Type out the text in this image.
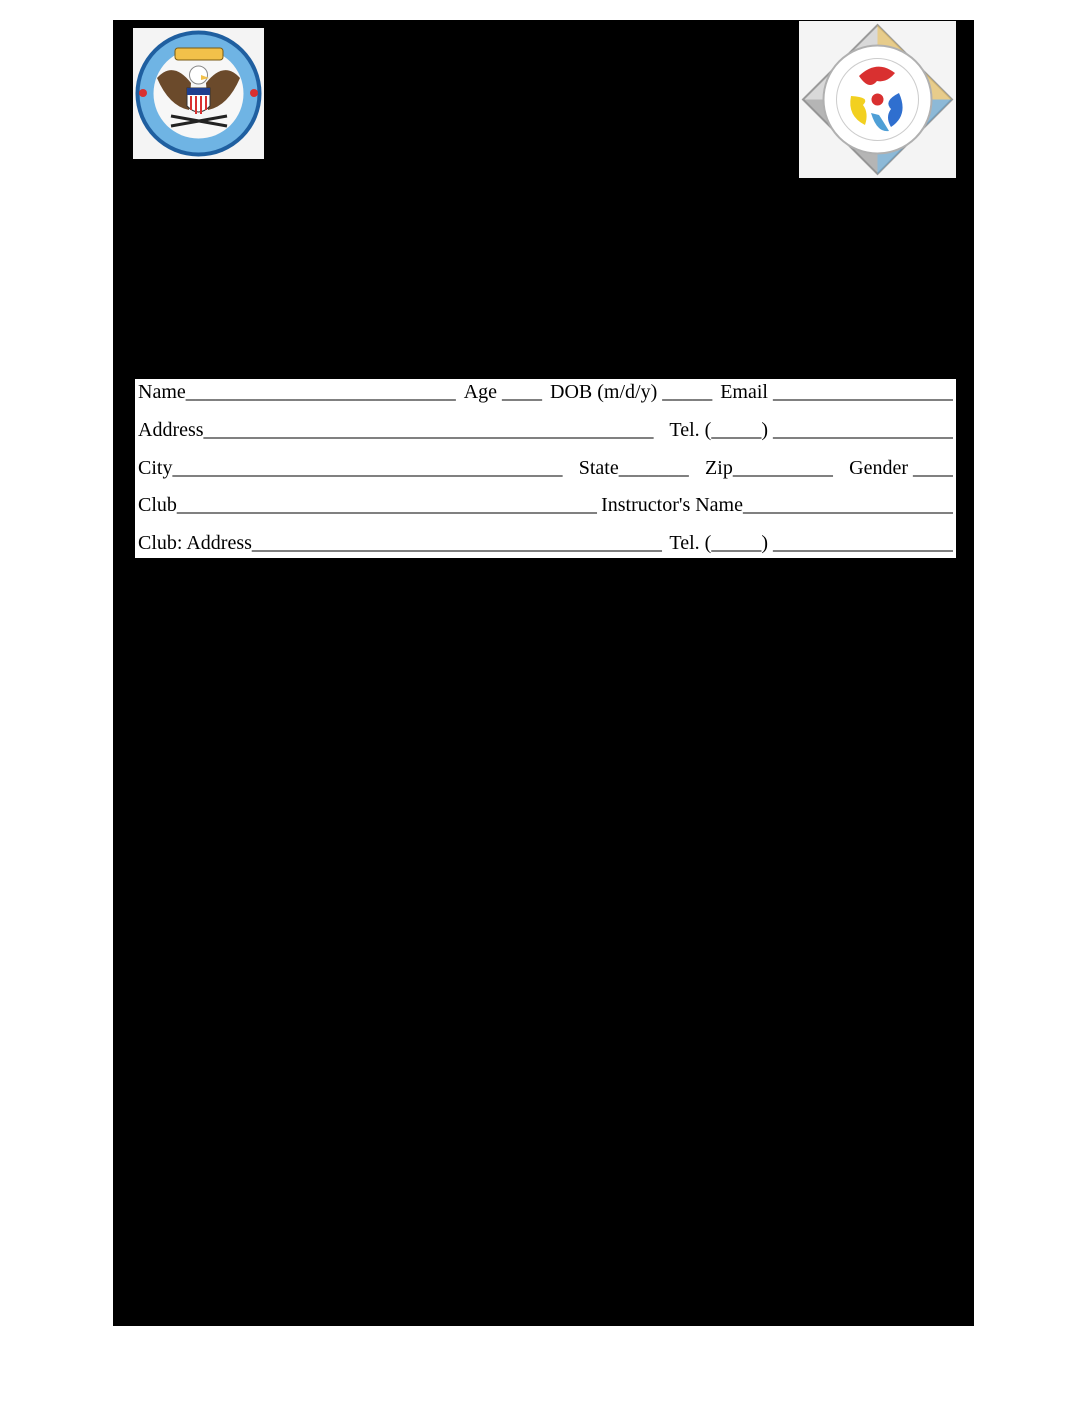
Name___________________________ Age ____ DOB (m/d/y) _____ Email __________________
Address_____________________________________________ Tel. (_____) __________________
City_______________________________________ State_______ Zip__________ Gender ____
Club__________________________________________ Instructor's Name_____________________
Club: Address_________________________________________ Tel. (_____) __________________
